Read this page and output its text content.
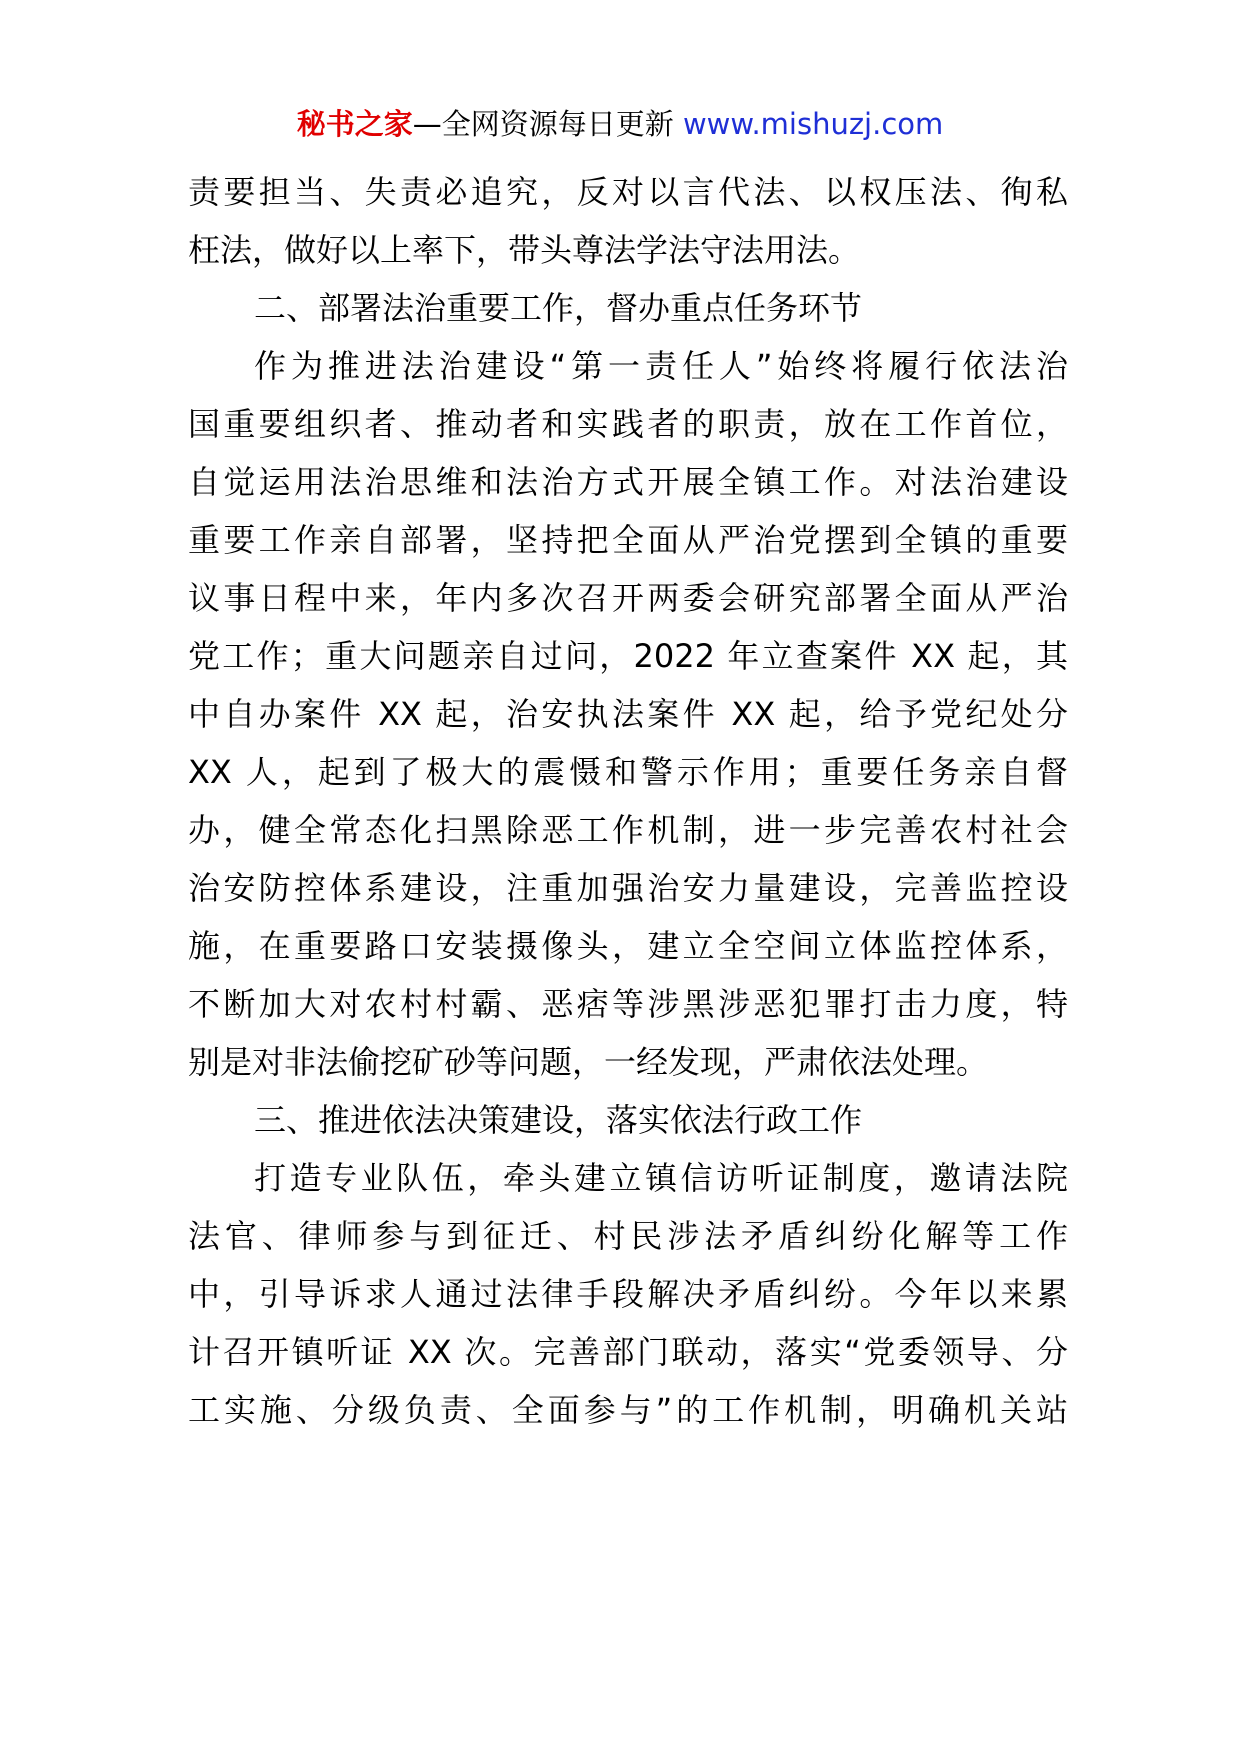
秘书之家—全网资源每日更新 www.mishuzj.com
责要担当、失责必追究，反对以言代法、以权压法、徇私
枉法，做好以上率下，带头尊法学法守法用法。
二、部署法治重要工作，督办重点任务环节
作为推进法治建设“第一责任人”始终将履行依法治
国重要组织者、推动者和实践者的职责，放在工作首位，
自觉运用法治思维和法治方式开展全镇工作。对法治建设
重要工作亲自部署，坚持把全面从严治党摆到全镇的重要
议事日程中来，年内多次召开两委会研究部署全面从严治
党工作；重大问题亲自过问，2022 年立查案件 XX 起，其
中自办案件 XX 起，治安执法案件 XX 起，给予党纪处分
XX 人，起到了极大的震慑和警示作用；重要任务亲自督
办，健全常态化扫黑除恶工作机制，进一步完善农村社会
治安防控体系建设，注重加强治安力量建设，完善监控设
施，在重要路口安装摄像头，建立全空间立体监控体系，
不断加大对农村村霸、恶痞等涉黑涉恶犯罪打击力度，特
别是对非法偷挖矿砂等问题，一经发现，严肃依法处理。
三、推进依法决策建设，落实依法行政工作
打造专业队伍，牵头建立镇信访听证制度，邀请法院
法官、律师参与到征迁、村民涉法矛盾纠纷化解等工作
中，引导诉求人通过法律手段解决矛盾纠纷。今年以来累
计召开镇听证 XX 次。完善部门联动，落实“党委领导、分
工实施、分级负责、全面参与”的工作机制，明确机关站
